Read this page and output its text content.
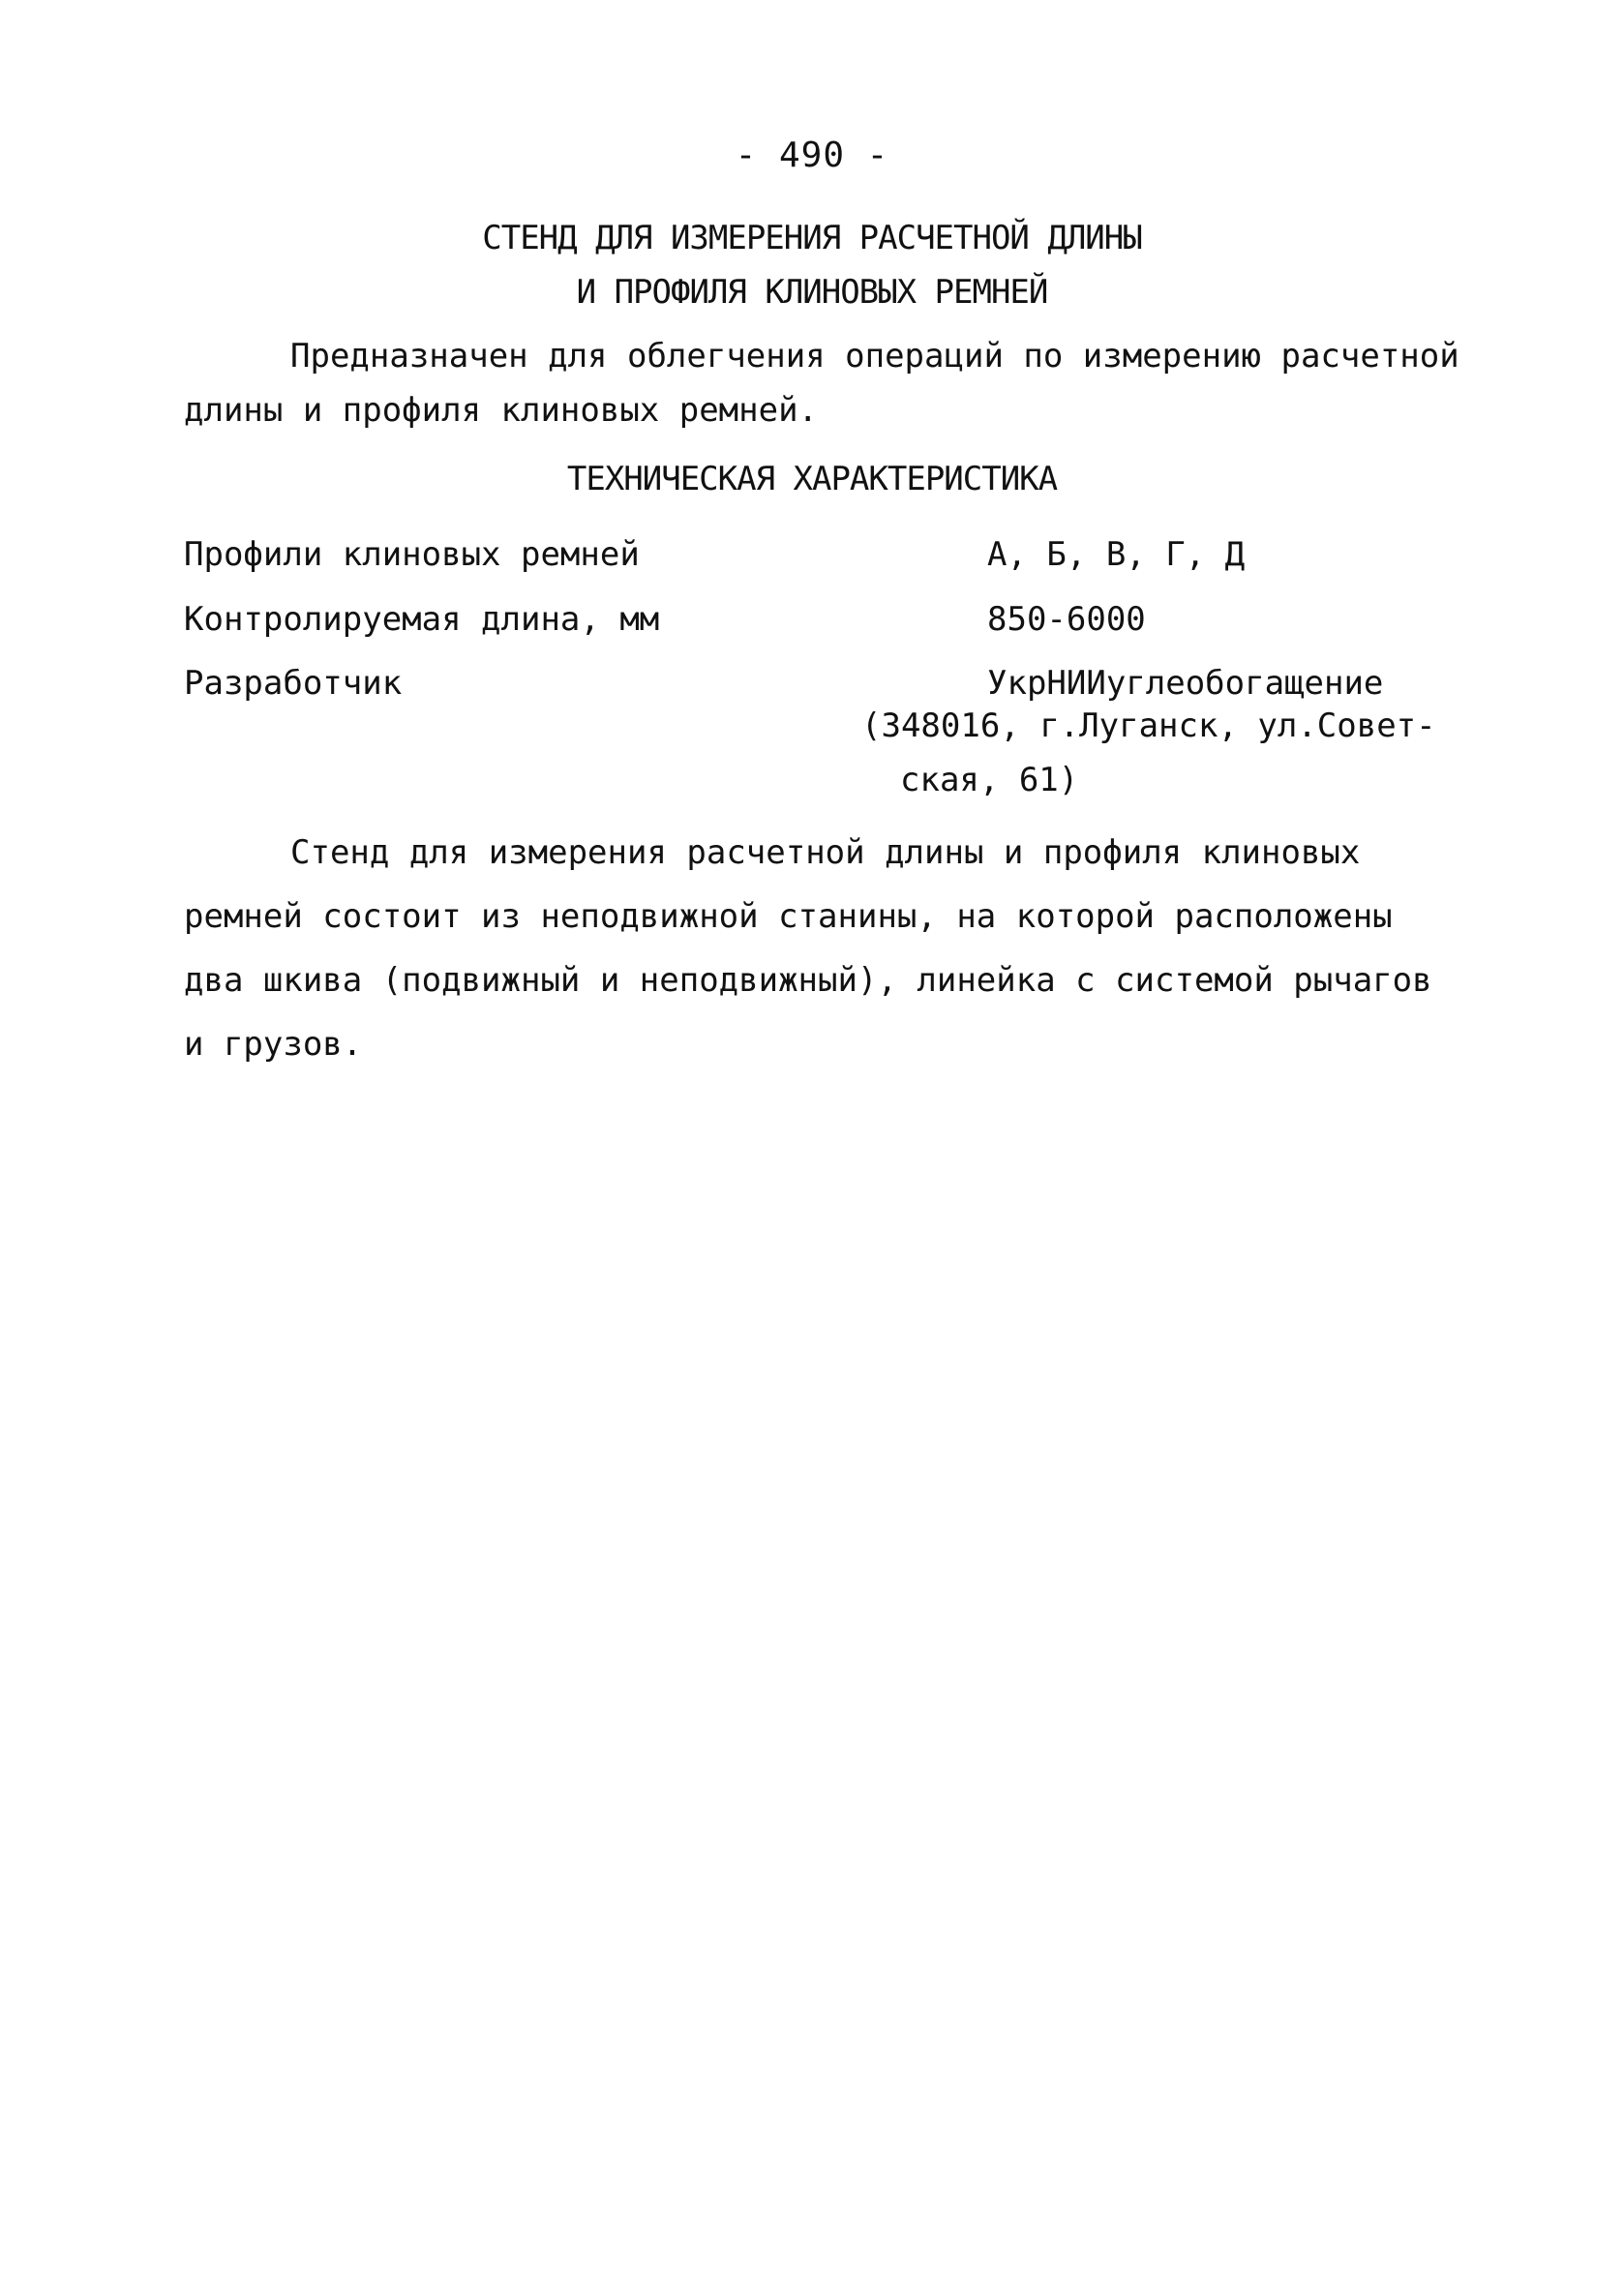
- 490 -
СТЕНД ДЛЯ ИЗМЕРЕНИЯ РАСЧЕТНОЙ ДЛИНЫ
И ПРОФИЛЯ КЛИНОВЫХ РЕМНЕЙ
Предназначен для облегчения операций по измерению расчетной
длины и профиля клиновых ремней.
ТЕХНИЧЕСКАЯ ХАРАКТЕРИСТИКА
Профили клиновых ремней	А, Б, В, Г, Д
Контролируемая длина, мм	850-6000
Разработчик	УкрНИИуглеобогащение
(348016, г.Луганск, ул.Совет-
ская, 61)
Стенд для измерения расчетной длины и профиля клиновых
ремней состоит из неподвижной станины, на которой расположены
два шкива (подвижный и неподвижный), линейка с системой рычагов
и грузов.
